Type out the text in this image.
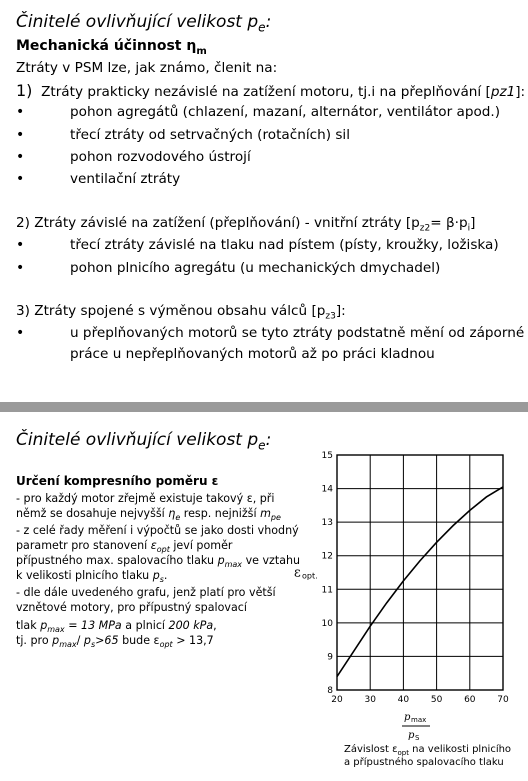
Činitelé ovlivňující velikost $p_e$:
Mechanická účinnost $\eta_m$
Ztráty v PSM lze, jak známo, členit na:
1) Ztráty prakticky nezávislé na zatížení motoru, tj.i na přeplňování [pz1]:
•	pohon agregátů (chlazení, mazaní, alternátor, ventilátor apod.)
•	třecí ztráty od setrvačných (rotačních) sil
•	pohon rozvodového ústrojí
•	ventilační ztráty
2) Ztráty závislé na zatížení (přeplňování) - vnitřní ztráty $[p_{z2}= \beta\cdot p_i]$
•	třecí ztráty závislé na tlaku nad pístem (písty, kroužky, ložiska)
•	pohon plnicího agregátu (u mechanických dmychadel)
3) Ztráty spojené s výměnou obsahu válců $[p_{z3}]$:
•	u přeplňovaných motorů se tyto ztráty podstatně mění od záporné
práce u nepřeplňovaných motorů až po práci kladnou
Činitelé ovlivňující velikost $p_e$:
Určení kompresního poměru ε
- pro každý motor zřejmě existuje takový ε, při
němž se dosahuje nejvyšší $\eta_e$ resp. nejnižší $m_{pe}$
- z celé řady měření i výpočtů se jako dosti vhodný
parametr pro stanovení $\varepsilon_{opt}$ jeví poměr
přípustného max. spalovacího tlaku $p_{max}$ ve vztahu
k velikosti plnicího tlaku $p_s$.
- dle dále uvedeného grafu, jenž platí pro větší
vznětové motory, pro přípustný spalovací
tlak $p_{max} = 13$ MPa a plnicí 200 kPa,
tj. pro $p_{max}/$ $p_s>65$ bude $\varepsilon_{opt} > 13,7$
20 30 40 50 60 70
8
9
10
11
12
13
14
15
ε opt.
p max
p S
Závislost $\varepsilon_{opt}$ na velikosti plnicího
a přípustného spalovacího tlaku
